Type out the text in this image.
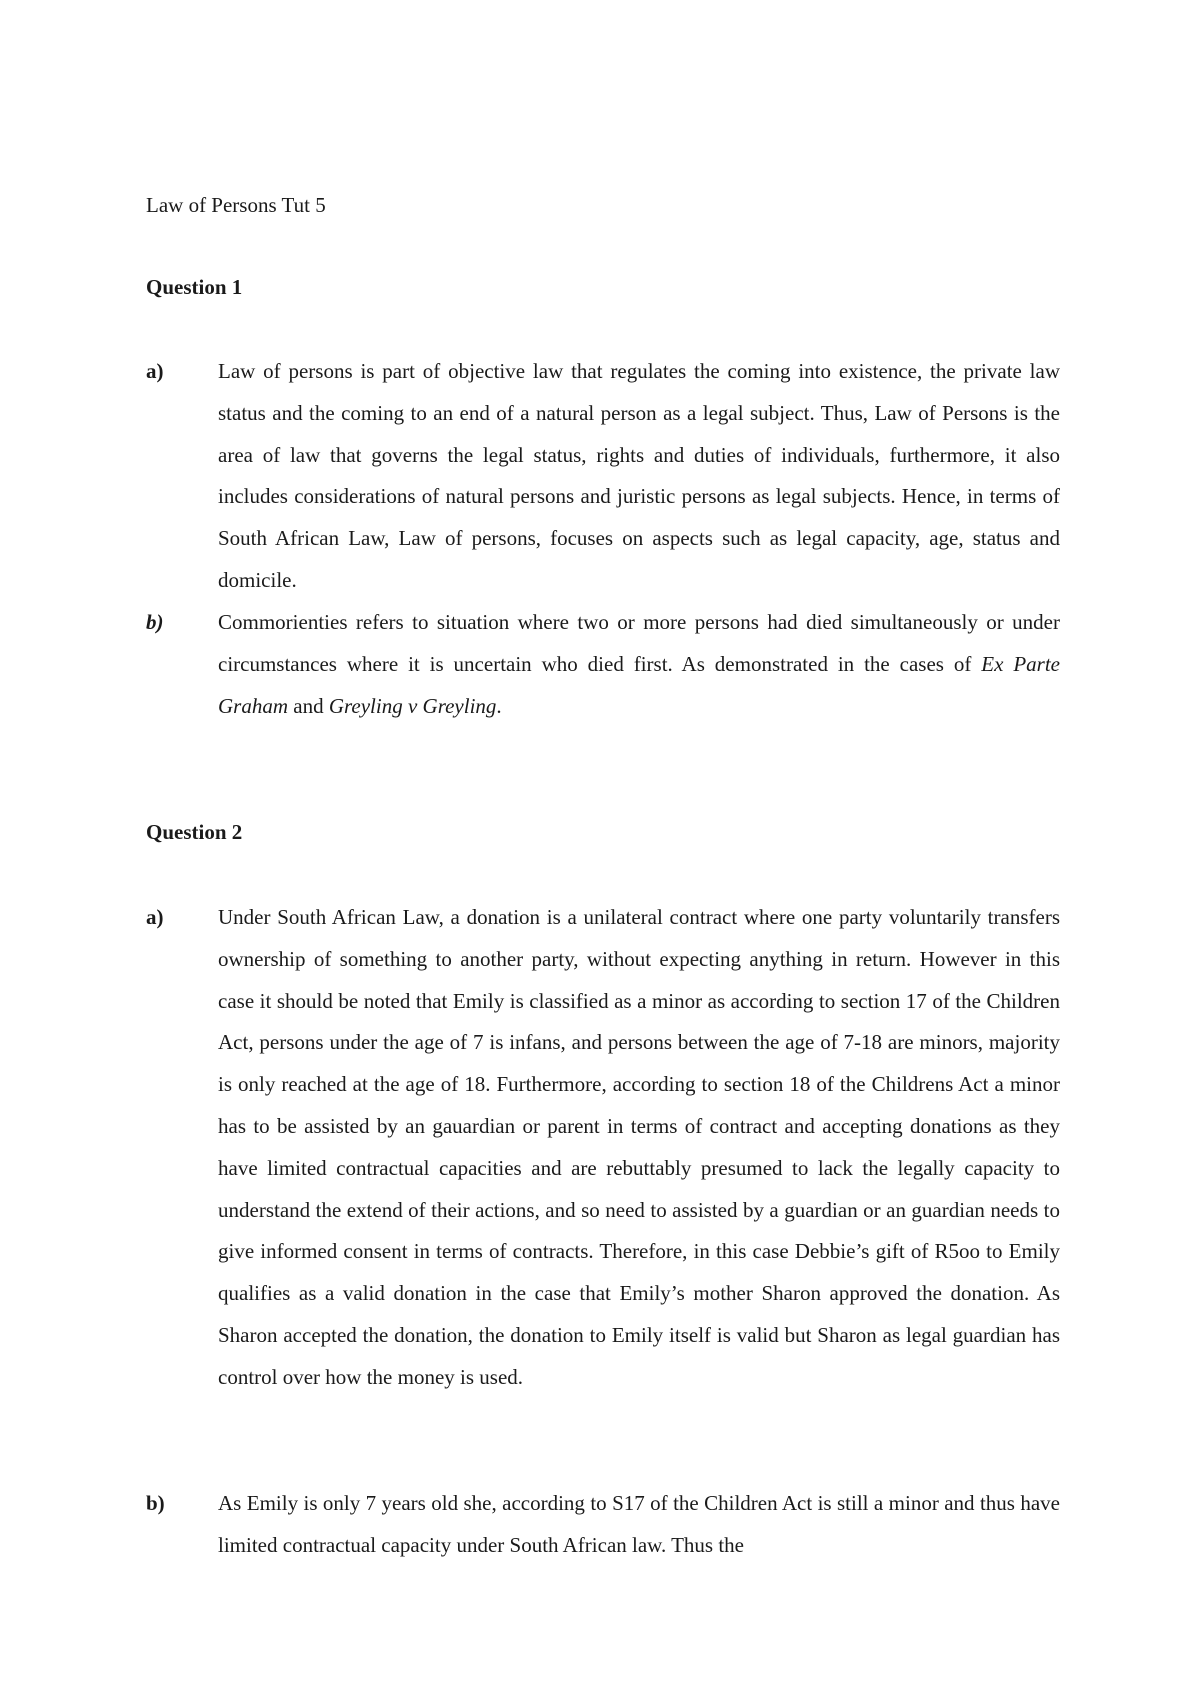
Law of Persons Tut 5
Question 1
a)	Law of persons is part of objective law that regulates the coming into existence, the private law status and the coming to an end of a natural person as a legal subject. Thus, Law of Persons is the area of law that governs the legal status, rights and duties of individuals, furthermore, it also includes considerations of natural persons and juristic persons as legal subjects. Hence, in terms of South African Law, Law of persons, focuses on aspects such as legal capacity, age, status and domicile.

b)	Commorienties refers to situation where two or more persons had died simultaneously or under circumstances where it is uncertain who died first. As demonstrated in the cases of Ex Parte Graham and Greyling v Greyling.

Question 2
a)	Under South African Law, a donation is a unilateral contract where one party voluntarily transfers ownership of something to another party, without expecting anything in return. However in this case it should be noted that Emily is classified as a minor as according to section 17 of the Children Act, persons under the age of 7 is infans, and persons between the age of 7-18 are minors, majority is only reached at the age of 18. Furthermore, according to section 18 of the Childrens Act a minor has to be assisted by an gauardian or parent in terms of contract and accepting donations as they have limited contractual capacities and are rebuttably presumed to lack the legally capacity to understand the extend of their actions, and so need to assisted by a guardian or an guardian needs to give informed consent in terms of contracts. Therefore, in this case Debbie’s gift of R5oo to Emily qualifies as a valid donation in the case that Emily’s mother Sharon approved the donation. As Sharon accepted the donation, the donation to Emily itself is valid but Sharon as legal guardian has control over how the money is used.

b)	As Emily is only 7 years old she, according to S17 of the Children Act is still a minor and thus have limited contractual capacity under South African law. Thus the
